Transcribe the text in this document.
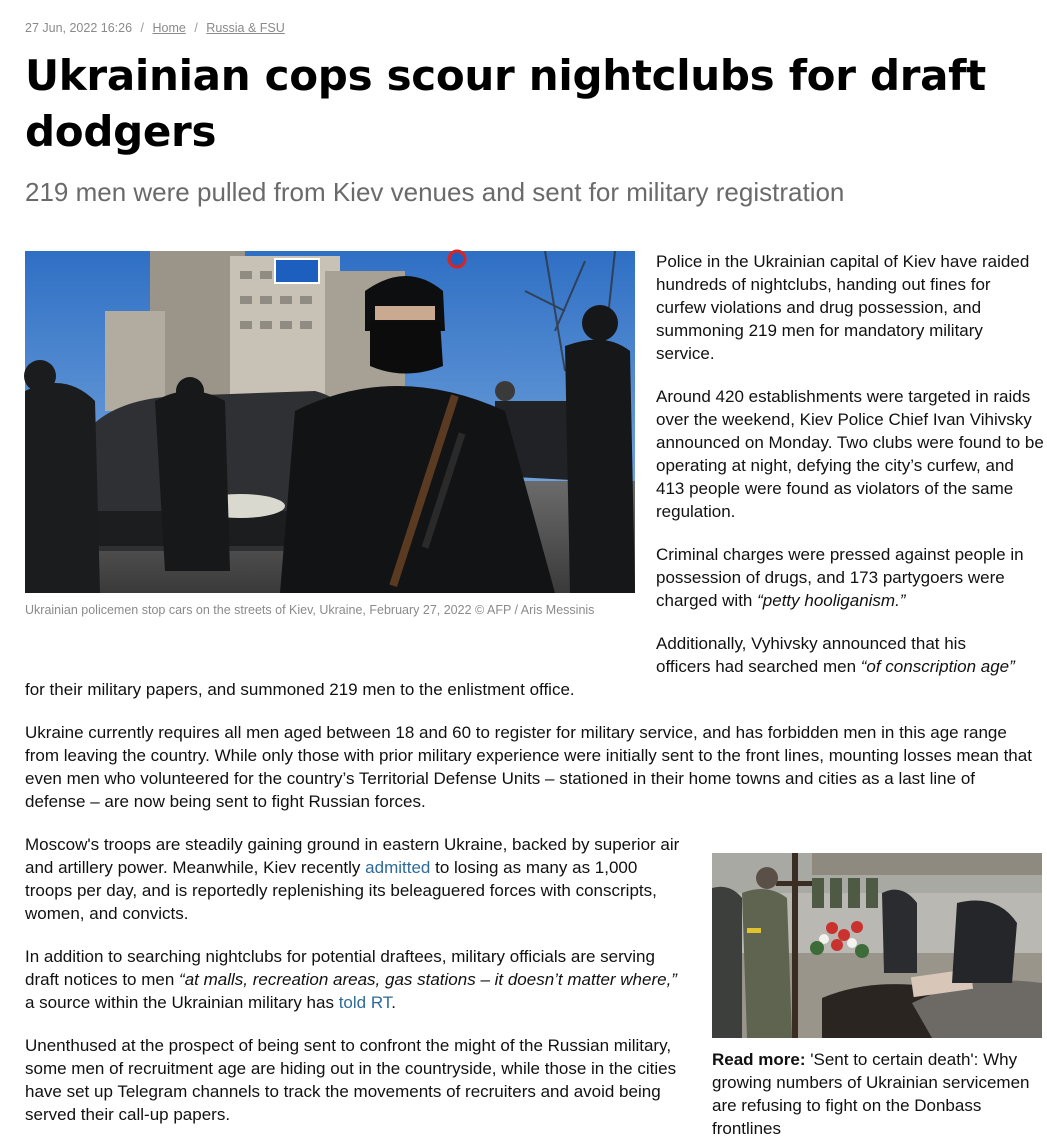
27 Jun, 2022 16:26 / Home / Russia & FSU
Ukrainian cops scour nightclubs for draft dodgers
219 men were pulled from Kiev venues and sent for military registration
Ukrainian policemen stop cars on the streets of Kiev, Ukraine, February 27, 2022 © AFP / Aris Messinis

Police in the Ukrainian capital of Kiev have raided hundreds of nightclubs, handing out fines for curfew violations and drug possession, and summoning 219 men for mandatory military service.

Around 420 establishments were targeted in raids over the weekend, Kiev Police Chief Ivan Vihivsky announced on Monday. Two clubs were found to be operating at night, defying the city’s curfew, and 413 people were found as violators of the same regulation.

Criminal charges were pressed against people in possession of drugs, and 173 partygoers were charged with “petty hooliganism.”

Additionally, Vyhivsky announced that his
officers had searched men “of conscription age”
for their military papers, and summoned 219 men to the enlistment office.

Ukraine currently requires all men aged between 18 and 60 to register for military service, and has forbidden men in this age range from leaving the country. While only those with prior military experience were initially sent to the front lines, mounting losses mean that even men who volunteered for the country’s Territorial Defense Units – stationed in their home towns and cities as a last line of defense – are now being sent to fight Russian forces.

Moscow's troops are steadily gaining ground in eastern Ukraine, backed by superior air and artillery power. Meanwhile, Kiev recently admitted to losing as many as 1,000 troops per day, and is reportedly replenishing its beleaguered forces with conscripts, women, and convicts.

In addition to searching nightclubs for potential draftees, military officials are serving draft notices to men “at malls, recreation areas, gas stations – it doesn’t matter where,” a source within the Ukrainian military has told RT.

Unenthused at the prospect of being sent to confront the might of the Russian military, some men of recruitment age are hiding out in the countryside, while those in the cities have set up Telegram channels to track the movements of recruiters and avoid being served their call-up papers.

Read more: 'Sent to certain death': Why growing numbers of Ukrainian servicemen are refusing to fight on the Donbass frontlines
